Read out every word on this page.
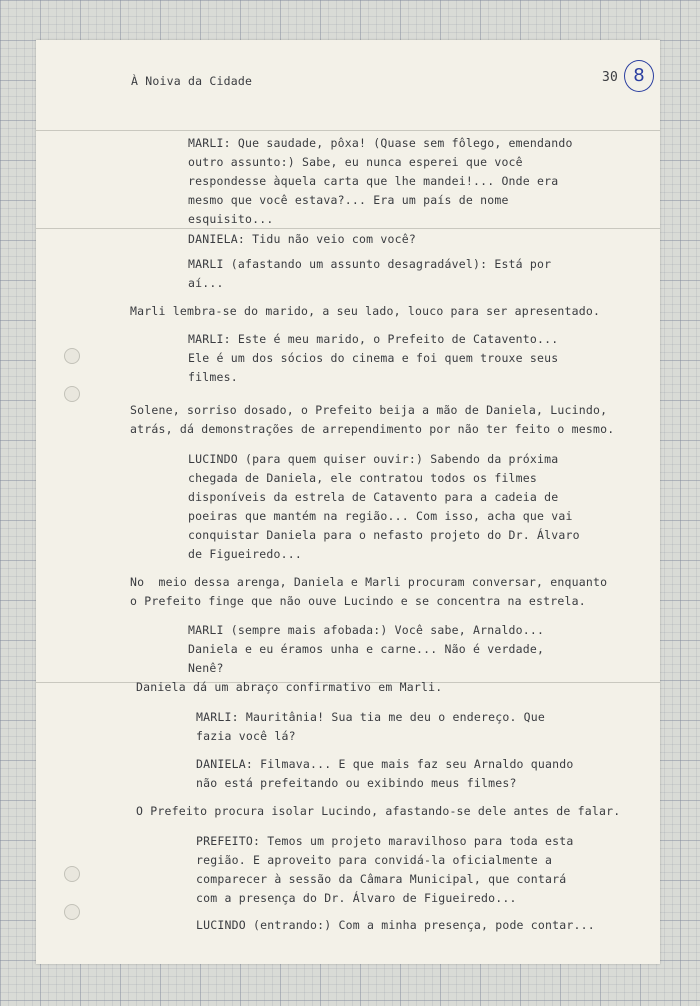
À Noiva da Cidade	30 8
MARLI: Que saudade, pôxa! (Quase sem fôlego, emendando
outro assunto:) Sabe, eu nunca esperei que você
respondesse àquela carta que lhe mandei!... Onde era
mesmo que você estava?... Era um país de nome
esquisito...
DANIELA: Tidu não veio com você?
MARLI (afastando um assunto desagradável): Está por
aí...
Marli lembra-se do marido, a seu lado, louco para ser apresentado.
MARLI: Este é meu marido, o Prefeito de Catavento...
Ele é um dos sócios do cinema e foi quem trouxe seus
filmes.
Solene, sorriso dosado, o Prefeito beija a mão de Daniela, Lucindo,
atrás, dá demonstrações de arrependimento por não ter feito o mesmo.
LUCINDO (para quem quiser ouvir:) Sabendo da próxima
chegada de Daniela, ele contratou todos os filmes
disponíveis da estrela de Catavento para a cadeia de
poeiras que mantém na região... Com isso, acha que vai
conquistar Daniela para o nefasto projeto do Dr. Álvaro
de Figueiredo...
No  meio dessa arenga, Daniela e Marli procuram conversar, enquanto
o Prefeito finge que não ouve Lucindo e se concentra na estrela.
MARLI (sempre mais afobada:) Você sabe, Arnaldo...
Daniela e eu éramos unha e carne... Não é verdade,
Nenê?
Daniela dá um abraço confirmativo em Marli.
MARLI: Mauritânia! Sua tia me deu o endereço. Que
fazia você lá?
DANIELA: Filmava... E que mais faz seu Arnaldo quando
não está prefeitando ou exibindo meus filmes?
O Prefeito procura isolar Lucindo, afastando-se dele antes de falar.
PREFEITO: Temos um projeto maravilhoso para toda esta
região. E aproveito para convidá-la oficialmente a
comparecer à sessão da Câmara Municipal, que contará
com a presença do Dr. Álvaro de Figueiredo...
LUCINDO (entrando:) Com a minha presença, pode contar...
